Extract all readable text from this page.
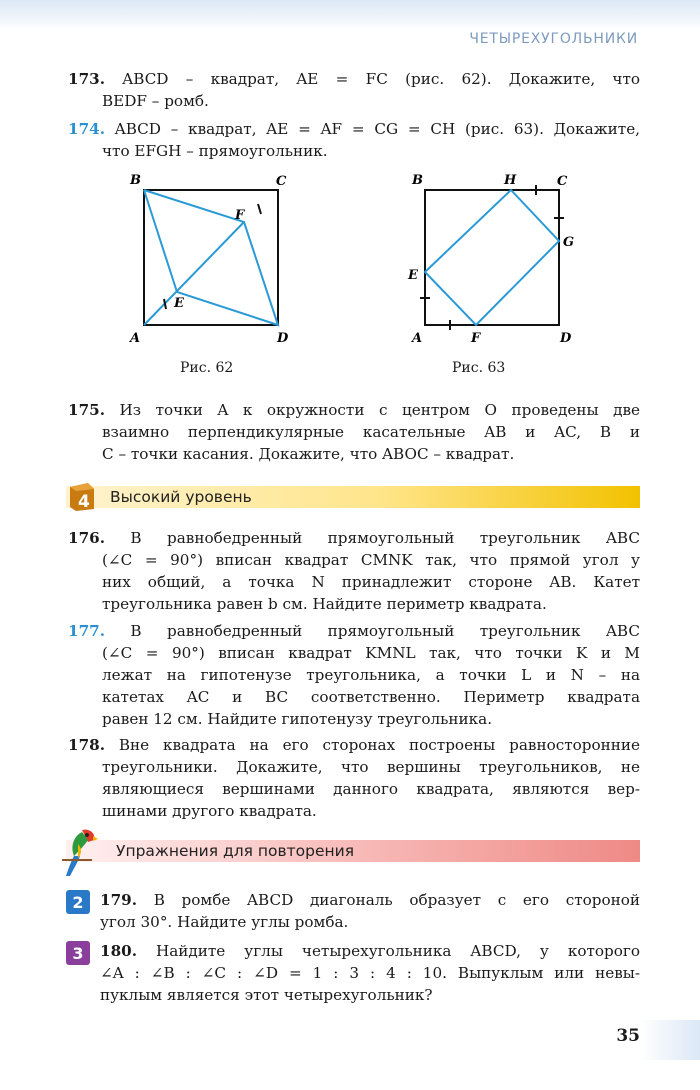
ЧЕТЫРЕХУГОЛЬНИКИ
173. ABCD – квадрат, AE = FC (рис. 62). Докажите, что
BEDF – ромб.
174. ABCD – квадрат, AE = AF = CG = CH (рис. 63). Докажите,
что EFGH – прямоугольник.
B	C
A	D
F
E
Рис. 62
B	H	C
G
E
A	F	D
Рис. 63
175. Из точки A к окружности с центром O проведены две
взаимно перпендикулярные касательные AB и AC, B и
C – точки касания. Докажите, что ABOC – квадрат.
Высокий уровень
4
176. В равнобедренный прямоугольный треугольник ABC
(∠C = 90°) вписан квадрат CMNK так, что прямой угол у
них общий, а точка N принадлежит стороне AB. Катет
треугольника равен b см. Найдите периметр квадрата.
177. В равнобедренный прямоугольный треугольник ABC
(∠C = 90°) вписан квадрат KMNL так, что точки K и M
лежат на гипотенузе треугольника, а точки L и N – на
катетах AC и BC соответственно. Периметр квадрата
равен 12 см. Найдите гипотенузу треугольника.
178. Вне квадрата на его сторонах построены равносторонние
треугольники. Докажите, что вершины треугольников, не
являющиеся вершинами данного квадрата, являются вер-
шинами другого квадрата.
Упражнения для повторения
2 179. В ромбе ABCD диагональ образует с его стороной
угол 30°. Найдите углы ромба.
3 180. Найдите углы четырехугольника ABCD, у которого
∠A : ∠B : ∠C : ∠D = 1 : 3 : 4 : 10. Выпуклым или невы-
пуклым является этот четырехугольник?
35
